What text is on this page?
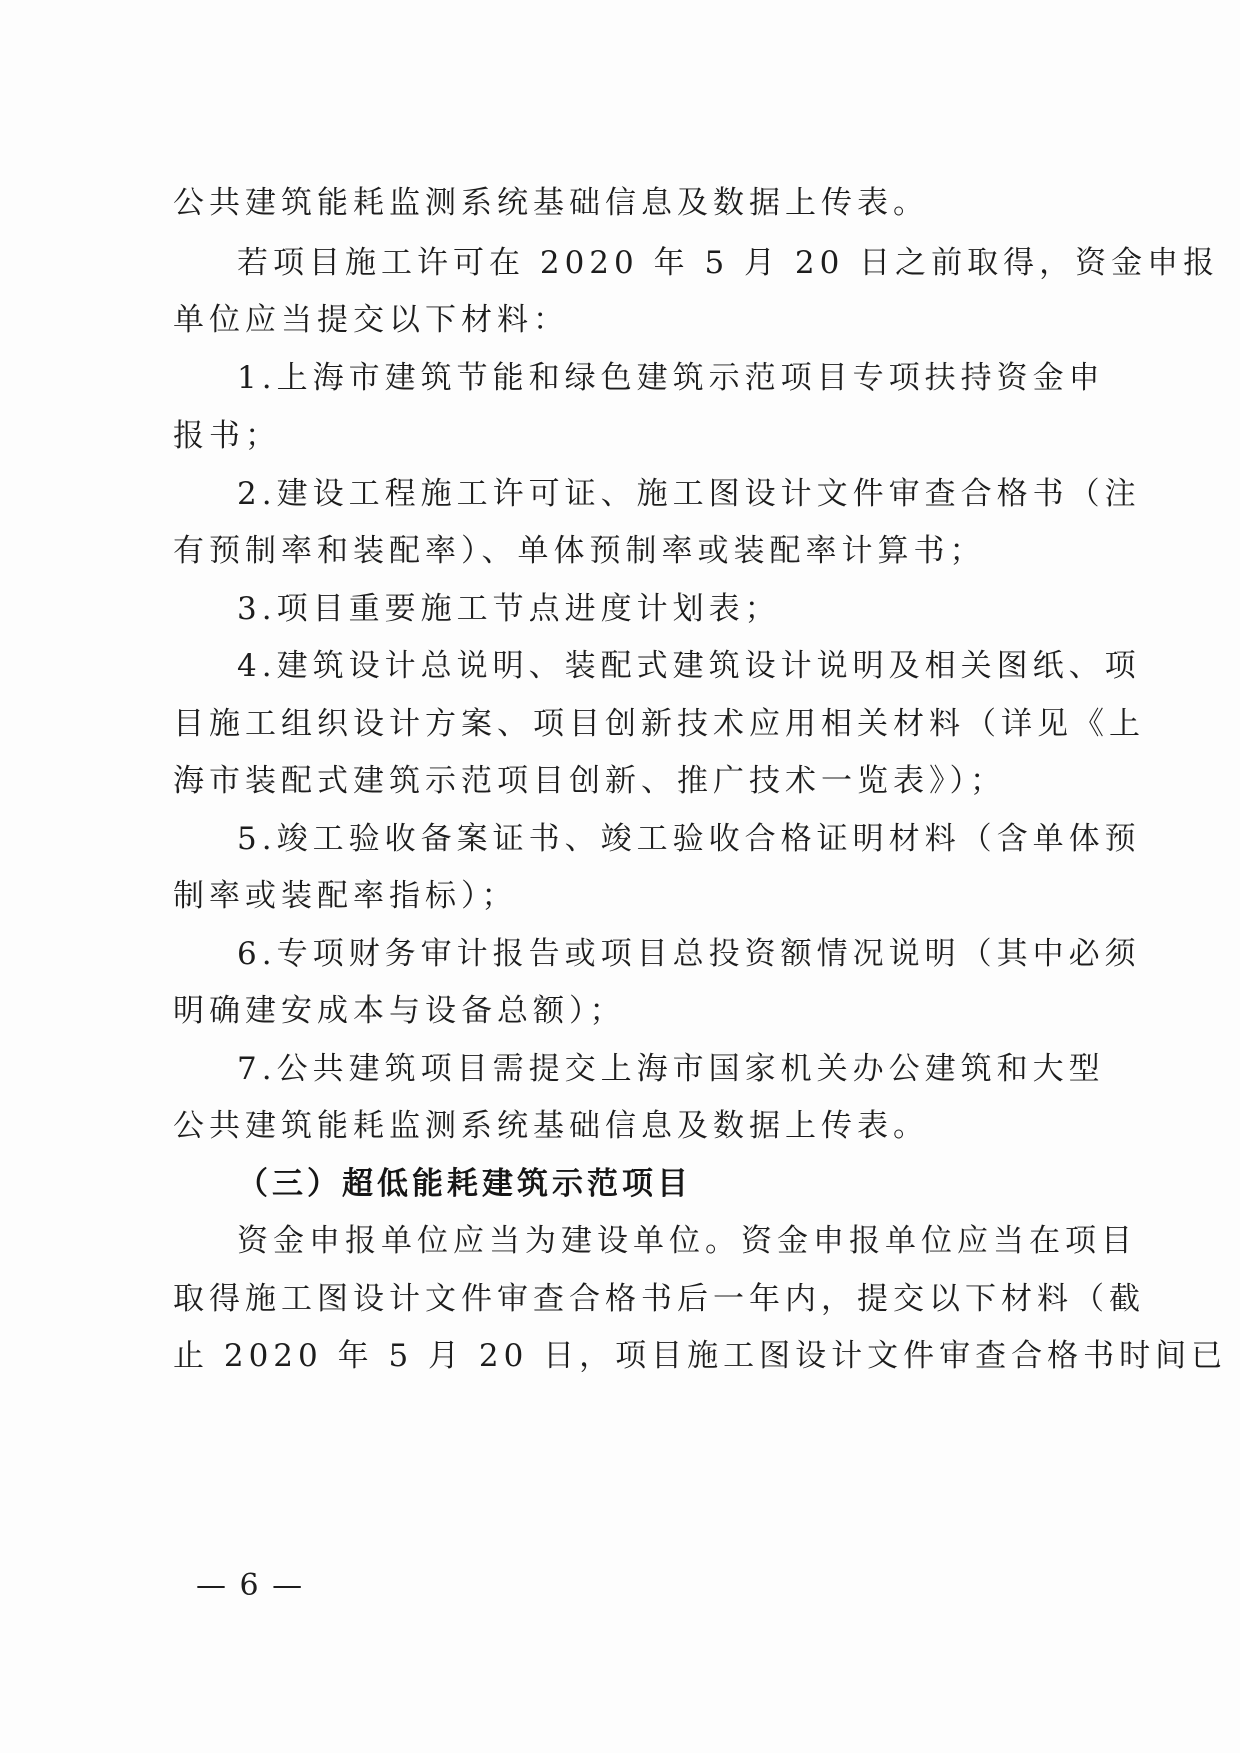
公共建筑能耗监测系统基础信息及数据上传表。
若项目施工许可在 2020 年 5 月 20 日之前取得，资金申报
单位应当提交以下材料：
1.上海市建筑节能和绿色建筑示范项目专项扶持资金申
报书；
2.建设工程施工许可证、施工图设计文件审查合格书（注
有预制率和装配率）、单体预制率或装配率计算书；
3.项目重要施工节点进度计划表；
4.建筑设计总说明、装配式建筑设计说明及相关图纸、项
目施工组织设计方案、项目创新技术应用相关材料（详见《上
海市装配式建筑示范项目创新、推广技术一览表》）；
5.竣工验收备案证书、竣工验收合格证明材料（含单体预
制率或装配率指标）；
6.专项财务审计报告或项目总投资额情况说明（其中必须
明确建安成本与设备总额）；
7.公共建筑项目需提交上海市国家机关办公建筑和大型
公共建筑能耗监测系统基础信息及数据上传表。
（三）超低能耗建筑示范项目
资金申报单位应当为建设单位。资金申报单位应当在项目
取得施工图设计文件审查合格书后一年内，提交以下材料（截
止 2020 年 5 月 20 日，项目施工图设计文件审查合格书时间已
— 6 —
